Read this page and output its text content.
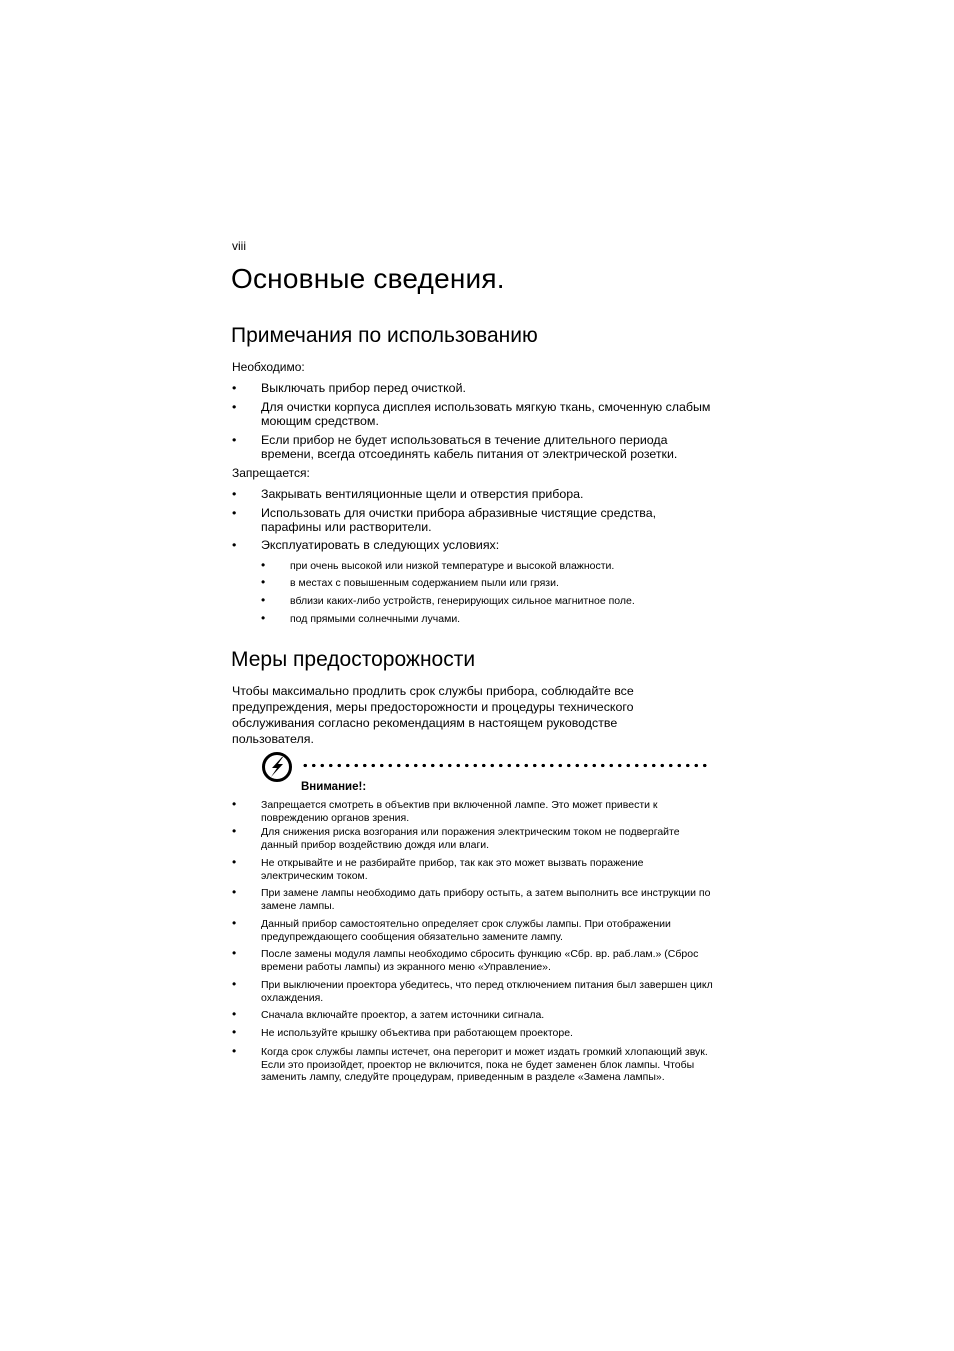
viii
Основные сведения.
Примечания по использованию
Необходимо:
• Выключать прибор перед очисткой.
• Для очистки корпуса дисплея использовать мягкую ткань, смоченную слабым моющим средством.
• Если прибор не будет использоваться в течение длительного периода времени, всегда отсоединять кабель питания от электрической розетки.
Запрещается:
• Закрывать вентиляционные щели и отверстия прибора.
• Использовать для очистки прибора абразивные чистящие средства, парафины или растворители.
• Эксплуатировать в следующих условиях:
• при очень высокой или низкой температуре и высокой влажности.
• в местах с повышенным содержанием пыли или грязи.
• вблизи каких-либо устройств, генерирующих сильное магнитное поле.
• под прямыми солнечными лучами.
Меры предосторожности
Чтобы максимально продлить срок службы прибора, соблюдайте все предупреждения, меры предосторожности и процедуры технического обслуживания согласно рекомендациям в настоящем руководстве пользователя.
Внимание!:
• Запрещается смотреть в объектив при включенной лампе. Это может привести к повреждению органов зрения.
• Для снижения риска возгорания или поражения электрическим током не подвергайте данный прибор воздействию дождя или влаги.
• Не открывайте и не разбирайте прибор, так как это может вызвать поражение электрическим током.
• При замене лампы необходимо дать прибору остыть, а затем выполнить все инструкции по замене лампы.
• Данный прибор самостоятельно определяет срок службы лампы. При отображении предупреждающего сообщения обязательно замените лампу.
• После замены модуля лампы необходимо сбросить функцию «Сбр. вр. раб.лам.» (Сброс времени работы лампы) из экранного меню «Управление».
• При выключении проектора убедитесь, что перед отключением питания был завершен цикл охлаждения.
• Сначала включайте проектор, а затем источники сигнала.
• Не используйте крышку объектива при работающем проекторе.
• Когда срок службы лампы истечет, она перегорит и может издать громкий хлопающий звук. Если это произойдет, проектор не включится, пока не будет заменен блок лампы. Чтобы заменить лампу, следуйте процедурам, приведенным в разделе «Замена лампы».
